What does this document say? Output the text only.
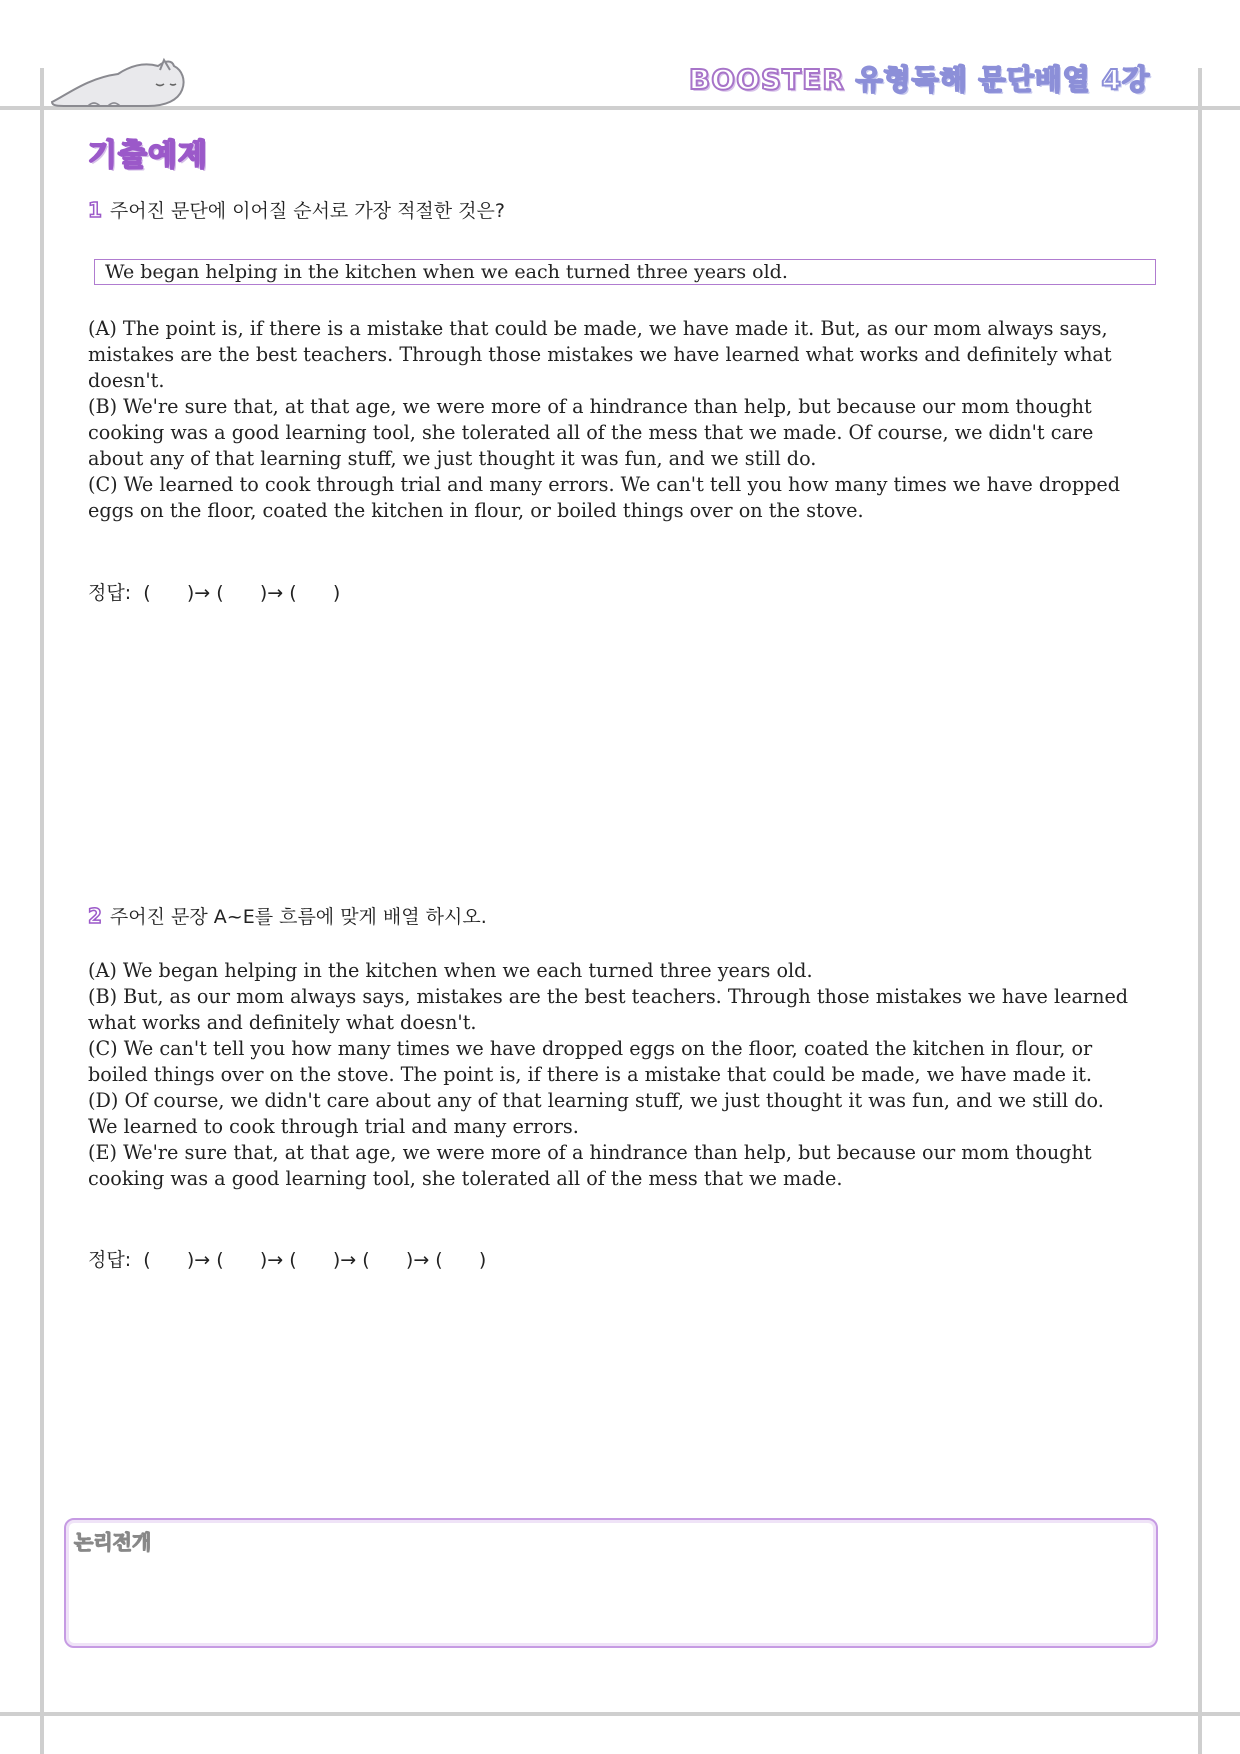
BOOSTER 유형독해 문단배열 4강
기출예제
1 주어진 문단에 이어질 순서로 가장 적절한 것은?
We began helping in the kitchen when we each turned three years old.

(A) The point is, if there is a mistake that could be made, we have made it. But, as our mom always says, mistakes are the best teachers. Through those mistakes we have learned what works and definitely what doesn't.

(B) We're sure that, at that age, we were more of a hindrance than help, but because our mom thought cooking was a good learning tool, she tolerated all of the mess that we made. Of course, we didn't care about any of that learning stuff, we just thought it was fun, and we still do.

(C) We learned to cook through trial and many errors. We can't tell you how many times we have dropped eggs on the floor, coated the kitchen in flour, or boiled things over on the stove.

정답:  (      )→ (      )→ (      )
2 주어진 문장 A~E를 흐름에 맞게 배열 하시오.

(A) We began helping in the kitchen when we each turned three years old.

(B) But, as our mom always says, mistakes are the best teachers. Through those mistakes we have learned what works and definitely what doesn't.

(C) We can't tell you how many times we have dropped eggs on the floor, coated the kitchen in flour, or boiled things over on the stove. The point is, if there is a mistake that could be made, we have made it.

(D) Of course, we didn't care about any of that learning stuff, we just thought it was fun, and we still do. We learned to cook through trial and many errors.

(E) We're sure that, at that age, we were more of a hindrance than help, but because our mom thought cooking was a good learning tool, she tolerated all of the mess that we made.

정답:  (      )→ (      )→ (      )→ (      )→ (      )
논리전개
